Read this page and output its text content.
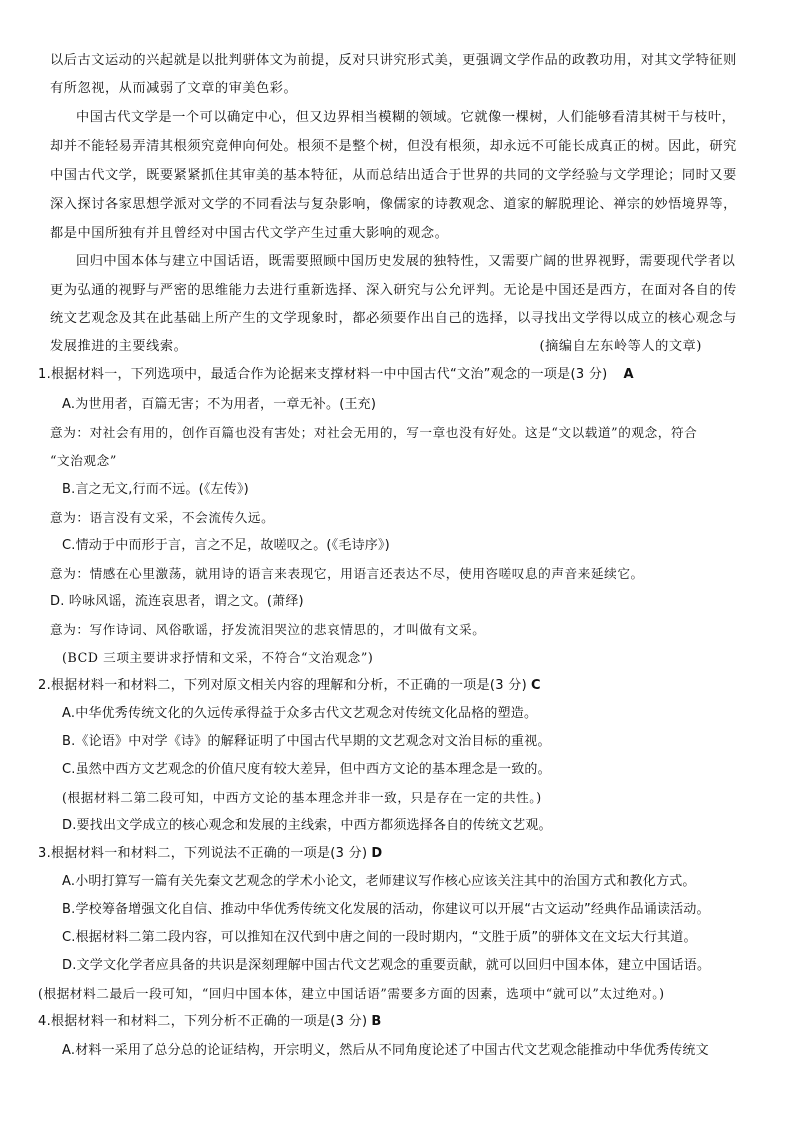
以后古文运动的兴起就是以批判骈体文为前提，反对只讲究形式美，更强调文学作品的政教功用，对其文学特征则
有所忽视，从而减弱了文章的审美色彩。
中国古代文学是一个可以确定中心，但又边界相当模糊的领域。它就像一棵树，人们能够看清其树干与枝叶，
却并不能轻易弄清其根须究竟伸向何处。根须不是整个树，但没有根须，却永远不可能长成真正的树。因此，研究
中国古代文学，既要紧紧抓住其审美的基本特征，从而总结出适合于世界的共同的文学经验与文学理论；同时又要
深入探讨各家思想学派对文学的不同看法与复杂影响，像儒家的诗教观念、道家的解脱理论、禅宗的妙悟境界等，
都是中国所独有并且曾经对中国古代文学产生过重大影响的观念。
回归中国本体与建立中国话语，既需要照顾中国历史发展的独特性，又需要广阔的世界视野，需要现代学者以
更为弘通的视野与严密的思维能力去进行重新选择、深入研究与公允评判。无论是中国还是西方，在面对各自的传
统文艺观念及其在此基础上所产生的文学现象时，都必须要作出自己的选择，以寻找出文学得以成立的核心观念与
发展推进的主要线索。	(摘编自左东岭等人的文章)
1.根据材料一，下列选项中，最适合作为论据来支撑材料一中中国古代“文治”观念的一项是(3 分) A
A.为世用者，百篇无害；不为用者，一章无补。(王充)
意为：对社会有用的，创作百篇也没有害处；对社会无用的，写一章也没有好处。这是“文以载道”的观念，符合
“文治观念”
B.言之无文,行而不远。(《左传》)
意为：语言没有文采，不会流传久远。
C.情动于中而形于言，言之不足，故嗟叹之。(《毛诗序》)
意为：情感在心里激荡，就用诗的语言来表现它，用语言还表达不尽，使用咨嗟叹息的声音来延续它。
D. 吟咏风谣，流连哀思者，谓之文。(萧绎)
意为：写作诗词、风俗歌谣，抒发流泪哭泣的悲哀情思的，才叫做有文采。
(BCD 三项主要讲求抒情和文采，不符合“文治观念”)
2.根据材料一和材料二，下列对原文相关内容的理解和分析，不正确的一项是(3 分) C
A.中华优秀传统文化的久远传承得益于众多古代文艺观念对传统文化品格的塑造。
B.《论语》中对学《诗》的解释证明了中国古代早期的文艺观念对文治目标的重视。
C.虽然中西方文艺观念的价值尺度有较大差异，但中西方文论的基本理念是一致的。
(根据材料二第二段可知，中西方文论的基本理念并非一致，只是存在一定的共性。)
D.要找出文学成立的核心观念和发展的主线索，中西方都须选择各自的传统文艺观。
3.根据材料一和材料二，下列说法不正确的一项是(3 分) D
A.小明打算写一篇有关先秦文艺观念的学术小论文，老师建议写作核心应该关注其中的治国方式和教化方式。
B.学校筹备增强文化自信、推动中华优秀传统文化发展的活动，你建议可以开展“古文运动”经典作品诵读活动。
C.根据材料二第二段内容，可以推知在汉代到中唐之间的一段时期内，“文胜于质”的骈体文在文坛大行其道。
D.文学文化学者应具备的共识是深刻理解中国古代文艺观念的重要贡献，就可以回归中国本体，建立中国话语。
(根据材料二最后一段可知，“回归中国本体，建立中国话语”需要多方面的因素，选项中“就可以”太过绝对。)
4.根据材料一和材料二，下列分析不正确的一项是(3 分) B
A.材料一采用了总分总的论证结构，开宗明义，然后从不同角度论述了中国古代文艺观念能推动中华优秀传统文
